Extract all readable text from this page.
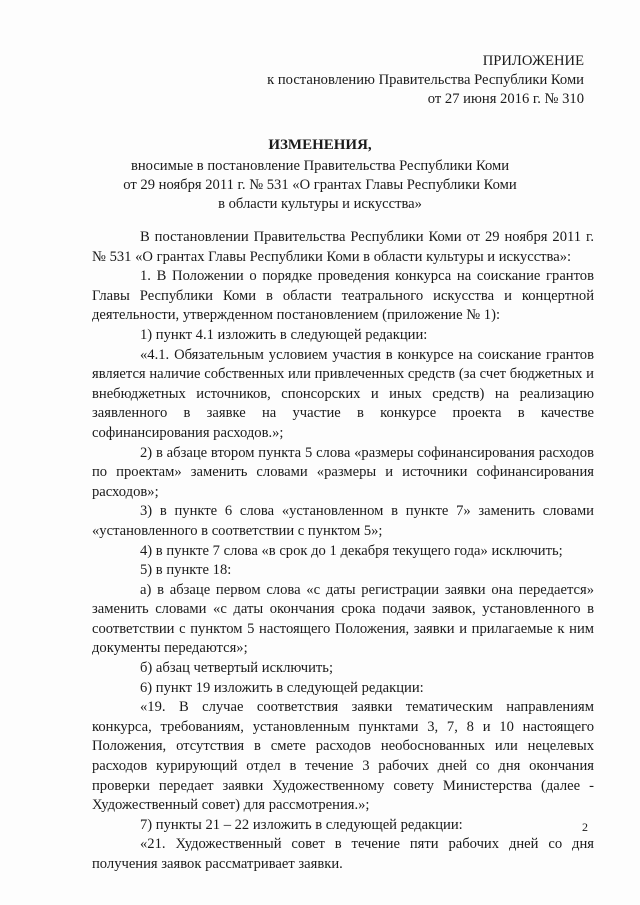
ПРИЛОЖЕНИЕ
к постановлению Правительства Республики Коми
от 27 июня 2016 г. № 310
ИЗМЕНЕНИЯ,
вносимые в постановление Правительства Республики Коми
от 29 ноября 2011 г. № 531 «О грантах Главы Республики Коми
в области культуры и искусства»

В постановлении Правительства Республики Коми от 29 ноября 2011 г. № 531 «О грантах Главы Республики Коми в области культуры и искусства»:

1. В Положении о порядке проведения конкурса на соискание грантов Главы Республики Коми в области театрального искусства и концертной деятельности, утвержденном постановлением (приложение № 1):

1) пункт 4.1 изложить в следующей редакции:

«4.1. Обязательным условием участия в конкурсе на соискание грантов является наличие собственных или привлеченных средств (за счет бюджетных и внебюджетных источников, спонсорских и иных средств) на реализацию заявленного в заявке на участие в конкурсе проекта в качестве софинансирования расходов.»;

2) в абзаце втором пункта 5 слова «размеры софинансирования расходов по проектам» заменить словами «размеры и источники софинансирования расходов»;

3) в пункте 6 слова «установленном в пункте 7» заменить словами «установленного в соответствии с пунктом 5»;

4) в пункте 7 слова «в срок до 1 декабря текущего года» исключить;

5) в пункте 18:

а) в абзаце первом слова «с даты регистрации заявки она передается» заменить словами «с даты окончания срока подачи заявок, установленного в соответствии с пунктом 5 настоящего Положения, заявки и прилагаемые к ним документы передаются»;

б) абзац четвертый исключить;

6) пункт 19 изложить в следующей редакции:

«19. В случае соответствия заявки тематическим направлениям конкурса, требованиям, установленным пунктами 3, 7, 8 и 10 настоящего Положения, отсутствия в смете расходов необоснованных или нецелевых расходов курирующий отдел в течение 3 рабочих дней со дня окончания проверки передает заявки Художественному совету Министерства (далее - Художественный совет) для рассмотрения.»;

7) пункты 21 – 22 изложить в следующей редакции:

«21. Художественный совет в течение пяти рабочих дней со дня получения заявок рассматривает заявки.

2
